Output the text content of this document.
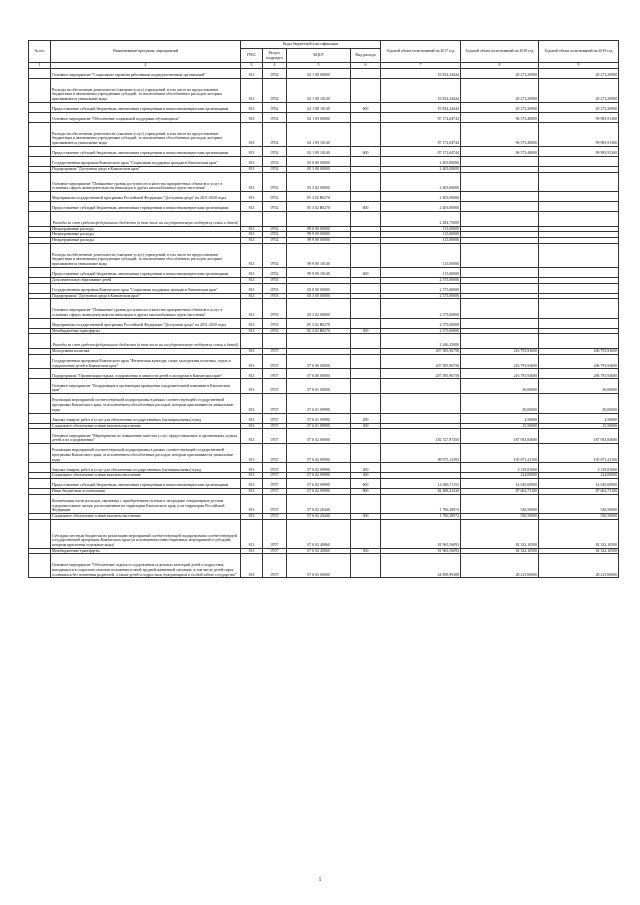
№ п/п	Наименование программ, мероприятий	Коды бюджетной классификации				Годовой объем ассигнований на 2017 год	Годовой объем ассигнований на 2018 год	Годовой объем ассигнований на 2019 год
		ГРБС	Раздел, подраздел	КЦСР	Вид расхода			
1	2	3	4	5	6	7	8	9
	Основное мероприятие "Социальные гарантии работникам подведомственных организаций"	813	0702	02 1 08 00000		19 832,34444	20 273,20900	20 273,20900
	Расходы на обеспечение деятельности (оказание услуг) учреждений, в том числе на предоставление бюджетным и автономным учреждениям субсидий, за исключением обособленных расходов, которым присваиваются уникальные коды	813	0702	02 1 08 10140		19 832,34444	20 273,20900	20 273,20900
	Предоставление субсидий бюджетным, автономным учреждениям и иным некоммерческим организациям	813	0702	02 1 08 10140	600	19 832,34444	20 273,20900	20 273,20900
	Основное мероприятие "Обеспечение социальной поддержки обучающихся"	813	0702	02 1 09 00000		87 172,64744	96 573,40000	99 983,91300
	Расходы на обеспечение деятельности (оказание услуг) учреждений, в том числе на предоставление бюджетным и автономным учреждениям субсидий, за исключением обособленных расходов, которым присваиваются уникальные коды	813	0702	02 1 09 10140		87 172,64744	96 573,40000	99 983,91300
	Предоставление субсидий бюджетным, автономным учреждениям и иным некоммерческим организациям	813	0702	02 1 09 10140	600	87 172,64744	96 573,40000	99 983,91300
	Государственная программа Камчатского края "Социальная поддержка граждан в Камчатском крае"	813	0702	05 0 00 00000		2 405,00000		
	Подпрограмма "Доступная среда в Камчатском крае"	813	0702	05 3 00 00000		2 405,00000		
	Основное мероприятие "Повышение уровня доступности и качества приоритетных объектов и услуг в основных сферах жизнедеятельности инвалидов и других маломобильных групп населения"	813	0702	05 3 02 00000		2 405,00000		
	Мероприятия государственной программы Российской Федерации "Доступная среда" на 2011-2020 годы	813	0702	05 3 02 R0270		2 405,00000		
	Предоставление субсидий бюджетным, автономным учреждениям и иным некоммерческим организациям	813	0702	05 3 02 R0270	600	2 405,00000		
	Расходы за счет средств федерального бюджета (в том числе на государственную поддержку семьи и детей)					2 284,75000		
	Непрограммные расходы	813	0702	99 0 00 00000		115,00000		
	Непрограммные расходы	813	0702	99 9 00 00000		115,00000		
	Непрограммные расходы	813	0702	99 9 00 00000		115,00000		
	Расходы на обеспечение деятельности (оказание услуг) учреждений, в том числе на предоставление бюджетным и автономным учреждениям субсидий, за исключением обособленных расходов, которым присваиваются уникальные коды	813	0702	99 9 00 10140		115,00000		
	Предоставление субсидий бюджетным, автономным учреждениям и иным некоммерческим организациям	813	0702	99 9 00 10140	600	115,00000		
	Дополнительное образование детей	813	0703			2 575,00000		
	Государственная программа Камчатского края "Социальная поддержка граждан в Камчатском крае"	813	0703	05 0 00 00000		2 575,00000		
	Подпрограмма "Доступная среда в Камчатском крае"	813	0703	05 3 00 00000		2 575,00000		
	Основное мероприятие "Повышение уровня доступности и качества приоритетных объектов и услуг в основных сферах жизнедеятельности инвалидов и других маломобильных групп населения"	813	0703	05 3 02 00000		2 575,00000		
	Мероприятия государственной программы Российской Федерации "Доступная среда" на 2011-2020 годы	813	0703	05 3 02 R0270		2 575,00000		
	Межбюджетные трансферты	813	0703	05 3 02 R0270	500	2 575,00000		
	Расходы за счет средств федерального бюджета (в том числе на государственную поддержку семьи и детей)					2 446,25000		
	Молодежная политика	813	0707			207 585,96758	216 793,93600	206 793,93600
	Государственная программа Камчатского края "Физическая культура, спорт, молодежная политика, отдых и оздоровление детей в Камчатском крае"	813	0707	07 0 00 00000		207 585,96758	216 793,93600	206 793,93600
	Подпрограмма "Организация отдыха, оздоровления и занятости детей и молодежи в Камчатском крае"	813	0707	07 6 00 00000		207 585,96758	216 793,93600	206 793,93600
	Основное мероприятие "Координация и организация проведения оздоровительной кампании в Камчатском крае"	813	0707	07 6 01 00000			30,00000	30,00000
	Реализация мероприятий соответствующей подпрограммы в рамках соответствующей государственной программы Камчатского края, за исключением обособленных расходов, которым присваиваются уникальные коды	813	0707	07 6 01 09990			30,00000	30,00000
	Закупка товаров, работ и услуг для обеспечения государственных (муниципальных) нужд	813	0707	07 6 01 09990	200		4,50000	4,50000
	Социальное обеспечение и иные выплаты населению	813	0707	07 6 01 09990	300		25,50000	25,50000
	Основное мероприятие "Мероприятия по повышению качества услуг, предоставляемых в организациях отдыха детей и их оздоровления"	813	0707	07 6 02 00000		182 727,97450	187 943,83600	187 943,83600
	Реализация мероприятий соответствующей подпрограммы в рамках соответствующей государственной программы Камчатского края, за исключением обособленных расходов, которым присваиваются уникальные коды	813	0707	07 6 02 09990		98 975,12583	105 073,23100	105 073,23100
	Закупка товаров, работ и услуг для обеспечения государственных (муниципальных) нужд	813	0707	07 6 02 09990	200		3 139,81000	3 139,81000
	Социальное обеспечение и иные выплаты населению	813	0707	07 6 02 09990	300		224,00000	224,00000
	Предоставление субсидий бюджетным, автономным учреждениям и иным некоммерческим организациям	813	0707	07 6 02 09990	600	14 486,71153	14 045,69000	14 045,69000
	Иные бюджетные ассигнования	813	0707	07 6 02 09990	800	84 488,41430	87 663,73100	87 663,73100
	Компенсация части расходов, связанных с приобретением путевок в загородные стационарные детские оздоровительные лагеря, расположенные на территории Камчатского края, и на территории Российской Федерации	813	0707	07 6 02 20440		1 786,38974	536,50000	536,50000
	Социальное обеспечение и иные выплаты населению	813	0707	07 6 02 20440	300	1 786,38974	536,50000	536,50000
	Субсидии местным бюджетам на реализацию мероприятий соответствующей подпрограммы соответствующей государственной программы Камчатского края (за исключением инвестиционных мероприятий и субсидий, которым присвоены отдельные коды)	813	0707	07 6 02 40060		81 965,56093	82 332,10500	82 332,10500
	Межбюджетные трансферты	813	0707	07 6 02 40060	500	81 965,56093	82 332,10500	82 332,10500
	Основное мероприятие "Обеспечение отдыха и оздоровления отдельных категорий детей и подростков, находящихся в социально-опасном положении и иной трудной жизненной ситуации, в том числе детей-сирот, оставшихся без попечения родителей, а также детей и подростков, нуждающихся в особой заботе государства"	813	0707	07 6 03 00000		24 858,99308	28 215,00000	28 215,00000
5
